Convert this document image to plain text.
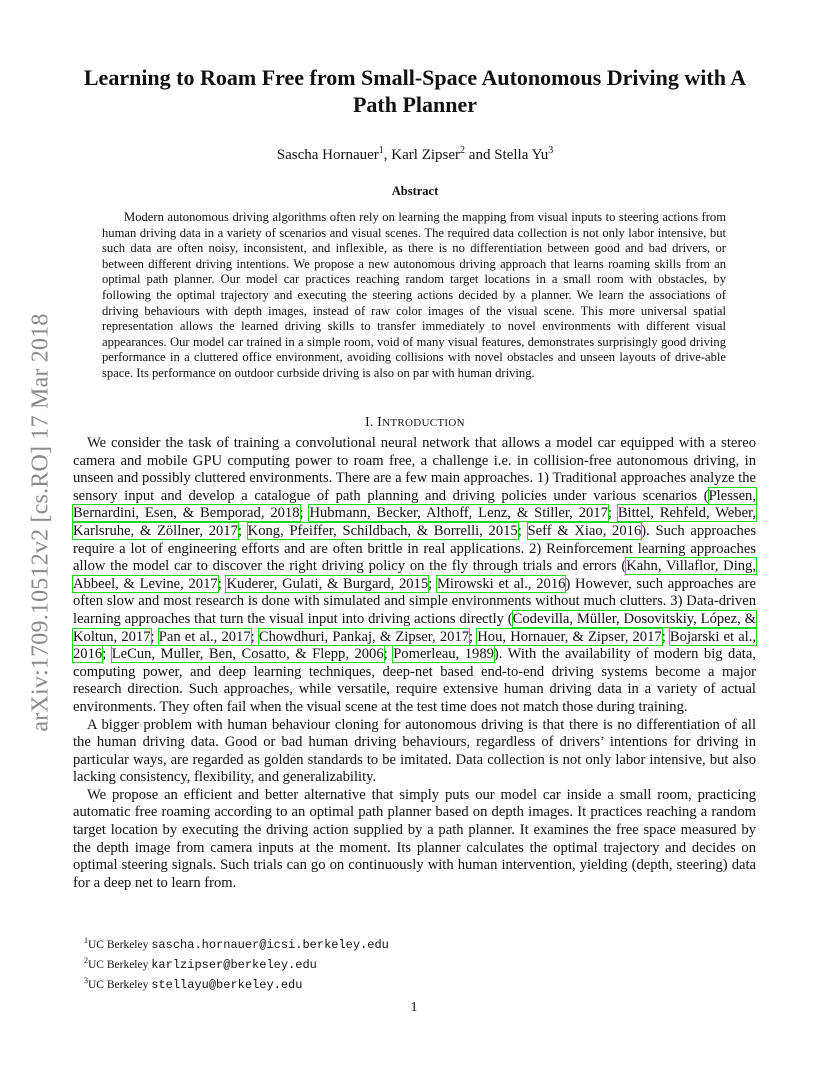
arXiv:1709.10512v2 [cs.RO] 17 Mar 2018
Learning to Roam Free from Small-Space Autonomous Driving with A Path Planner
Sascha Hornauer$^1$, Karl Zipser$^2$ and Stella Yu$^3$
Abstract

Modern autonomous driving algorithms often rely on learning the mapping from visual inputs to steering actions from human driving data in a variety of scenarios and visual scenes. The required data collection is not only labor intensive, but such data are often noisy, inconsistent, and inflexible, as there is no differentiation between good and bad drivers, or between different driving intentions. We propose a new autonomous driving approach that learns roaming skills from an optimal path planner. Our model car practices reaching random target locations in a small room with obstacles, by following the optimal trajectory and executing the steering actions decided by a planner. We learn the associations of driving behaviours with depth images, instead of raw color images of the visual scene. This more universal spatial representation allows the learned driving skills to transfer immediately to novel environments with different visual appearances. Our model car trained in a simple room, void of many visual features, demonstrates surprisingly good driving performance in a cluttered office environment, avoiding collisions with novel obstacles and unseen layouts of drive-able space. Its performance on outdoor curbside driving is also on par with human driving.

I. INTRODUCTION

We consider the task of training a convolutional neural network that allows a model car equipped with a stereo camera and mobile GPU computing power to roam free, a challenge i.e. in collision-free autonomous driving, in unseen and possibly cluttered environments. There are a few main approaches. 1) Traditional approaches analyze the sensory input and develop a catalogue of path planning and driving policies under various scenarios (Plessen, Bernardini, Esen, & Bemporad, 2018; Hubmann, Becker, Althoff, Lenz, & Stiller, 2017; Bittel, Rehfeld, Weber, Karlsruhe, & Zöllner, 2017; Kong, Pfeiffer, Schildbach, & Borrelli, 2015; Seff & Xiao, 2016). Such approaches require a lot of engineering efforts and are often brittle in real applications. 2) Reinforcement learning approaches allow the model car to discover the right driving policy on the fly through trials and errors (Kahn, Villaflor, Ding, Abbeel, & Levine, 2017; Kuderer, Gulati, & Burgard, 2015; Mirowski et al., 2016) However, such approaches are often slow and most research is done with simulated and simple environments without much clutters. 3) Data-driven learning approaches that turn the visual input into driving actions directly (Codevilla, Müller, Dosovitskiy, López, & Koltun, 2017; Pan et al., 2017; Chowdhuri, Pankaj, & Zipser, 2017; Hou, Hornauer, & Zipser, 2017; Bojarski et al., 2016; LeCun, Muller, Ben, Cosatto, & Flepp, 2006; Pomerleau, 1989). With the availability of modern big data, computing power, and deep learning techniques, deep-net based end-to-end driving systems become a major research direction. Such approaches, while versatile, require extensive human driving data in a variety of actual environments. They often fail when the visual scene at the test time does not match those during training.

A bigger problem with human behaviour cloning for autonomous driving is that there is no differentiation of all the human driving data. Good or bad human driving behaviours, regardless of drivers’ intentions for driving in particular ways, are regarded as golden standards to be imitated. Data collection is not only labor intensive, but also lacking consistency, flexibility, and generalizability.

We propose an efficient and better alternative that simply puts our model car inside a small room, practicing automatic free roaming according to an optimal path planner based on depth images. It practices reaching a random target location by executing the driving action supplied by a path planner. It examines the free space measured by the depth image from camera inputs at the moment. Its planner calculates the optimal trajectory and decides on optimal steering signals. Such trials can go on continuously with human intervention, yielding (depth, steering) data for a deep net to learn from.

$^1$UC Berkeley sascha.hornauer@icsi.berkeley.edu
$^2$UC Berkeley karlzipser@berkeley.edu
$^3$UC Berkeley stellayu@berkeley.edu
1
